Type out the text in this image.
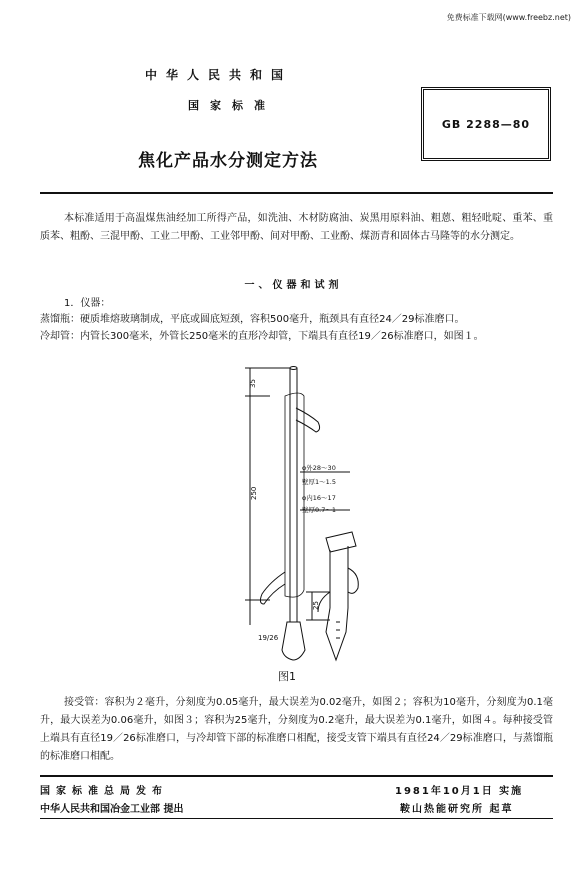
免费标准下载网(www.freebz.net)
中华人民共和国
国家标准
焦化产品水分测定方法
GB 2288—80
本标准适用于高温煤焦油经加工所得产品，如洗油、木材防腐油、炭黑用原料油、粗蒽、粗轻吡啶、重苯、重质苯、粗酚、三混甲酚、工业二甲酚、工业邻甲酚、间对甲酚、工业酚、煤沥青和固体古马隆等的水分测定。
一、仪器和试剂
1．仪器：
蒸馏瓶：硬质堆熔玻璃制成，平底或圆底短颈，容积500毫升，瓶颈具有直径24／29标准磨口。
冷却管：内管长300毫米，外管长250毫米的直形冷却管，下端具有直径19／26标准磨口，如图１。
35
250
19/26
φ外28～30
壁厚1～1.5
φ内16～17
壁厚0.7～1
25
图1
接受管：容积为２毫升，分刻度为0.05毫升，最大误差为0.02毫升，如图２；容积为10毫升，分刻度为0.1毫升，最大误差为0.06毫升，如图３；容积为25毫升，分刻度为0.2毫升，最大误差为0.1毫升，如图４。每种接受管上端具有直径19／26标准磨口，与冷却管下部的标准磨口相配，接受支管下端具有直径24／29标准磨口，与蒸馏瓶的标准磨口相配。
国家标准总局发布	1981年10月1日 实施
中华人民共和国冶金工业部 提出	鞍山热能研究所 起草
